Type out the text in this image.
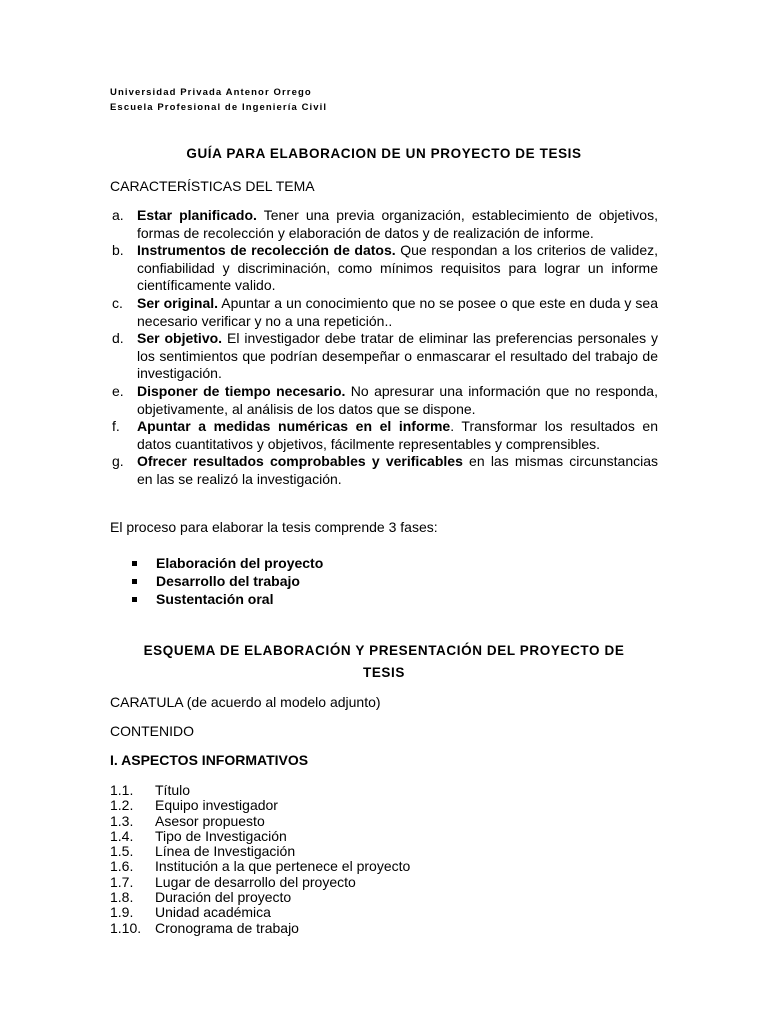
Universidad Privada Antenor Orrego
Escuela Profesional de Ingeniería Civil
GUÍA PARA ELABORACION DE UN PROYECTO DE TESIS
CARACTERÍSTICAS DEL TEMA
a. Estar planificado. Tener una previa organización, establecimiento de objetivos, formas de recolección y elaboración de datos y de realización de informe.
b. Instrumentos de recolección de datos. Que respondan a los criterios de validez, confiabilidad y discriminación, como mínimos requisitos para lograr un informe científicamente valido.
c. Ser original. Apuntar a un conocimiento que no se posee o que este en duda y sea necesario verificar y no a una repetición..
d. Ser objetivo. El investigador debe tratar de eliminar las preferencias personales y los sentimientos que podrían desempeñar o enmascarar el resultado del trabajo de investigación.
e. Disponer de tiempo necesario. No apresurar una información que no responda, objetivamente, al análisis de los datos que se dispone.
f. Apuntar a medidas numéricas en el informe. Transformar los resultados en datos cuantitativos y objetivos, fácilmente representables y comprensibles.
g. Ofrecer resultados comprobables y verificables en las mismas circunstancias en las se realizó la investigación.
El proceso para elaborar la tesis comprende 3 fases:
Elaboración del proyecto
Desarrollo del trabajo
Sustentación oral
ESQUEMA DE ELABORACIÓN Y PRESENTACIÓN DEL PROYECTO DE
TESIS
CARATULA (de acuerdo al modelo adjunto)
CONTENIDO
I. ASPECTOS INFORMATIVOS
1.1.	Título
1.2.	Equipo investigador
1.3.	Asesor propuesto
1.4.	Tipo de Investigación
1.5.	Línea de Investigación
1.6.	Institución a la que pertenece el proyecto
1.7.	Lugar de desarrollo del proyecto
1.8.	Duración del proyecto
1.9.	Unidad académica
1.10. Cronograma de trabajo
